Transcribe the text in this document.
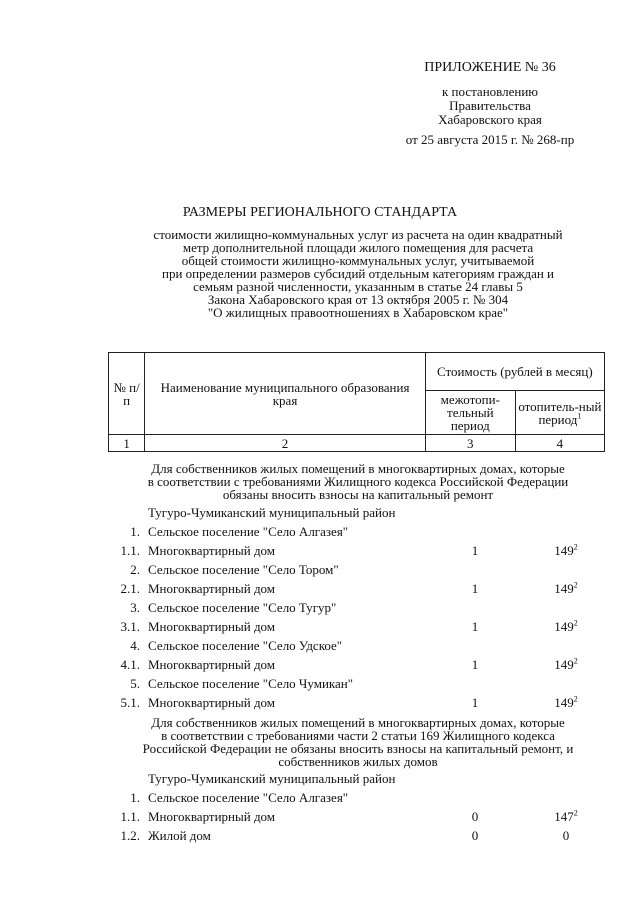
ПРИЛОЖЕНИЕ № 36
к постановлению
Правительства
Хабаровского края
от 25 августа 2015 г. № 268-пр
РАЗМЕРЫ РЕГИОНАЛЬНОГО СТАНДАРТА
стоимости жилищно-коммунальных услуг из расчета на один квадратный
метр дополнительной площади жилого помещения для расчета
общей стоимости жилищно-коммунальных услуг, учитываемой
при определении размеров субсидий отдельным категориям граждан и
семьям разной численности, указанным в статье 24 главы 5
Закона Хабаровского края от 13 октября 2005 г. № 304
"О жилищных правоотношениях в Хабаровском крае"
№ п/п	Наименование муниципального образования края	Стоимость (рублей в месяц)	
		межотопи-тельный период	отопитель-ный период$^1$
1	2	3	4
Для собственников жилых помещений в многоквартирных домах, которые
в соответствии с требованиями Жилищного кодекса Российской Федерации
обязаны вносить взносы на капитальный ремонт
Тугуро-Чумиканский муниципальный район
1. Сельское поселение "Село Алгазея"
1.1. Многоквартирный дом	1	$149^2$
2. Сельское поселение "Село Тором"
2.1. Многоквартирный дом	1	$149^2$
3. Сельское поселение "Село Тугур"
3.1. Многоквартирный дом	1	$149^2$
4. Сельское поселение "Село Удское"
4.1. Многоквартирный дом	1	$149^2$
5. Сельское поселение "Село Чумикан"
5.1. Многоквартирный дом	1	$149^2$
Для собственников жилых помещений в многоквартирных домах, которые
в соответствии с требованиями части 2 статьи 169 Жилищного кодекса
Российской Федерации не обязаны вносить взносы на капитальный ремонт, и
собственников жилых домов
Тугуро-Чумиканский муниципальный район
1. Сельское поселение "Село Алгазея"
1.1. Многоквартирный дом	0	$147^2$
1.2. Жилой дом	0	0
